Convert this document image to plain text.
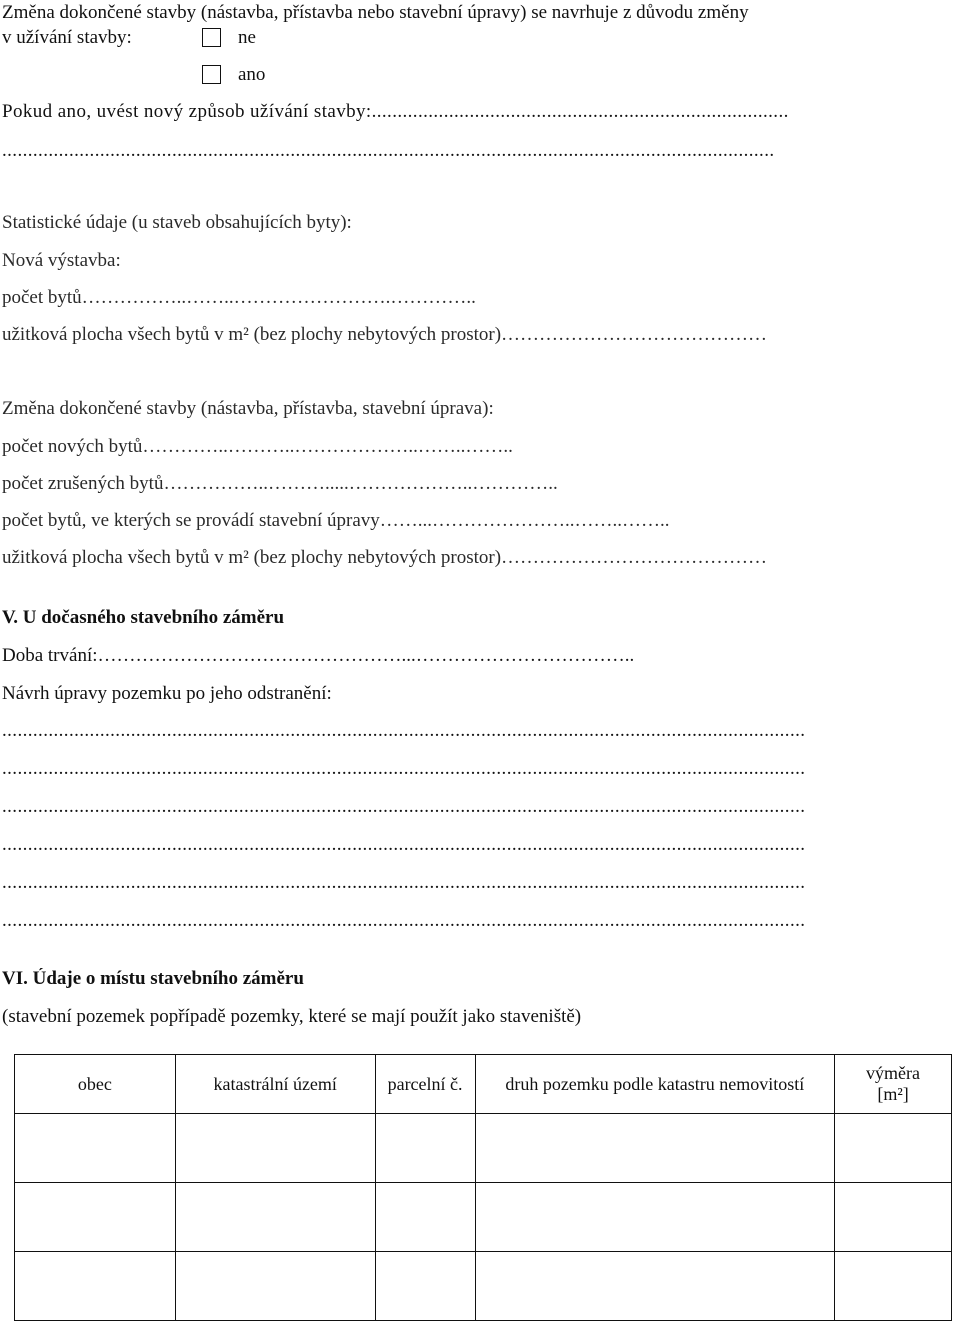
Změna dokončené stavby (nástavba, přístavba nebo stavební úpravy) se navrhuje z důvodu změny
v užívání stavby:	ne
ano
Pokud ano, uvést nový způsob užívání stavby:.................................................................................
......................................................................................................................................................
Statistické údaje (u staveb obsahujících byty):
Nová výstavba:
počet bytů……………..……..…………………….…………..
užitková plocha všech bytů v m² (bez plochy nebytových prostor)……………………………………
Změna dokončené stavby (nástavba, přístavba, stavební úprava):
počet nových bytů…………..………..………………..……..……..
počet zrušených bytů……………..……….....………………..…………..
počet bytů, ve kterých se provádí stavební úpravy……...…………………..……..……..
užitková plocha všech bytů v m² (bez plochy nebytových prostor)……………………………………
V. U dočasného stavebního záměru
Doba trvání:…………………………………………...……………………………..
Návrh úpravy pozemku po jeho odstranění:
............................................................................................................................................................
............................................................................................................................................................
............................................................................................................................................................
............................................................................................................................................................
............................................................................................................................................................
............................................................................................................................................................
VI. Údaje o místu stavebního záměru
(stavební pozemek popřípadě pozemky, které se mají použít jako staveniště)
obec	katastrální území	parcelní č.	druh pozemku podle katastru nemovitostí	výměra
[m²]
